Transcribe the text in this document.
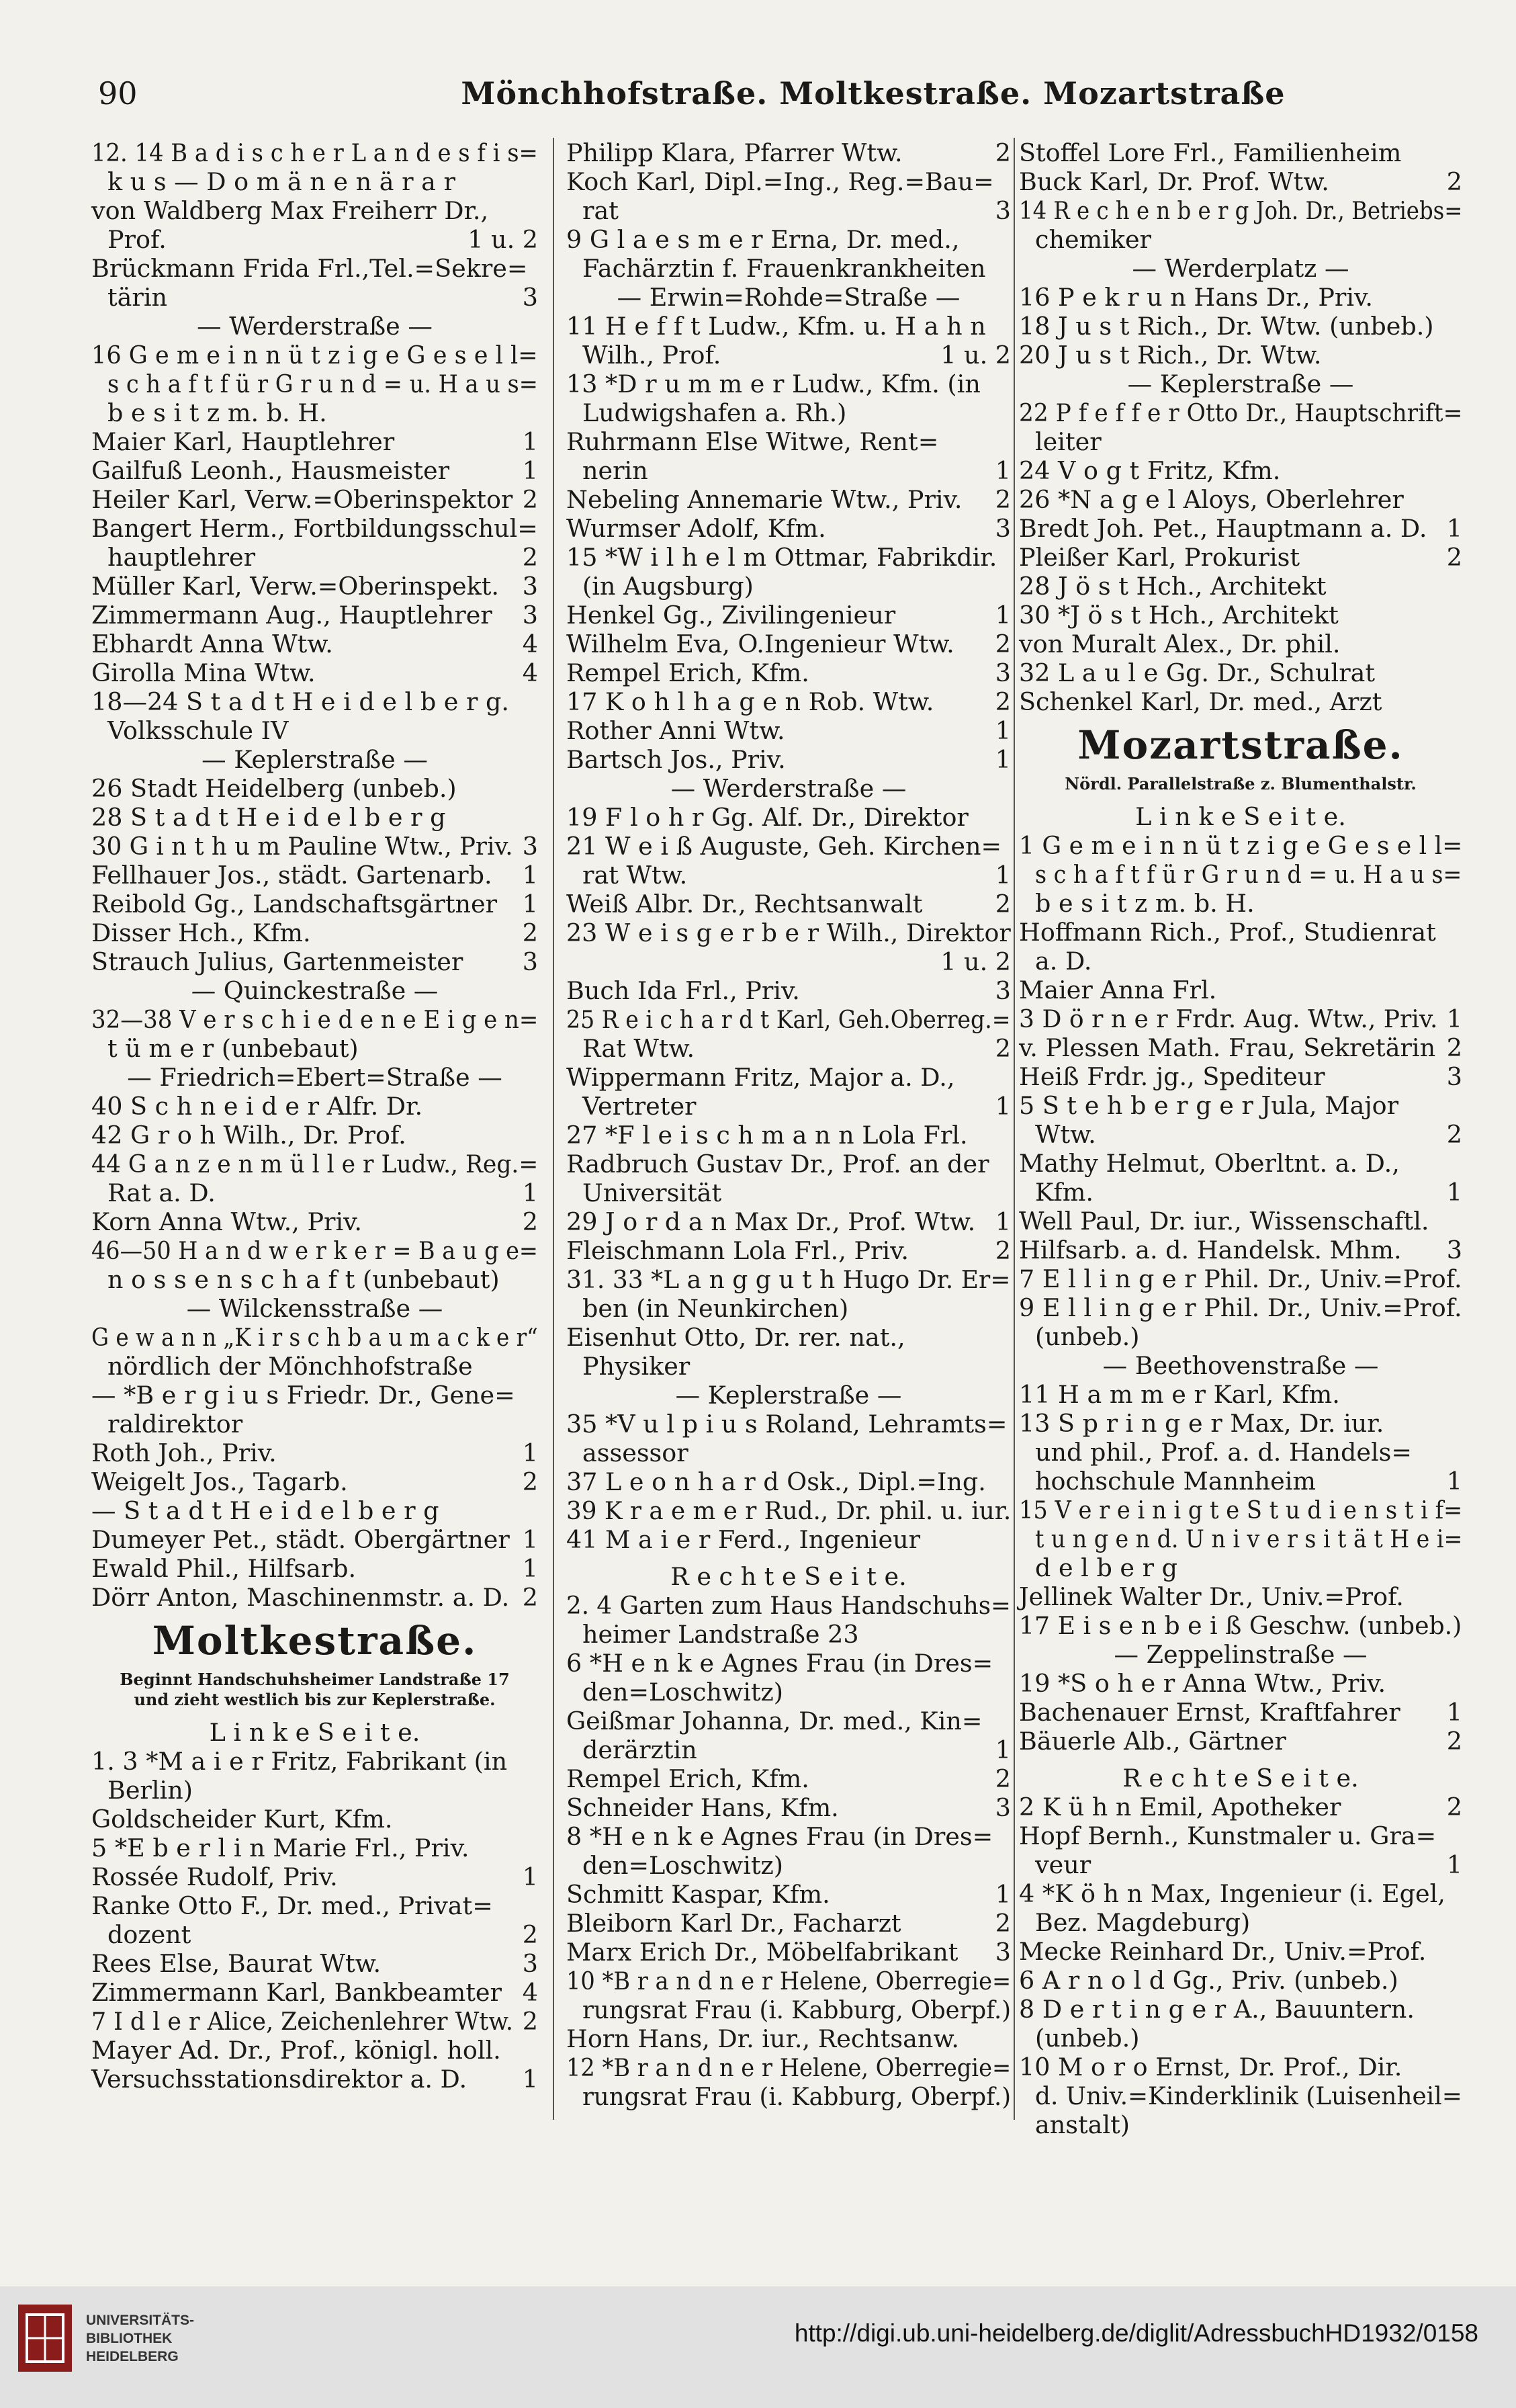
90	Mönchhofstraße. Moltkestraße. Mozartstraße
12. 14 B a d i s c h e r L a n d e s f i s=
k u s — D o m ä n e n ä r a r
von Waldberg Max Freiherr Dr.,
Prof.	1 u. 2
Brückmann Frida Frl.,Tel.=Sekre=
tärin	3
— Werderstraße —
16 G e m e i n n ü t z i g e G e s e l l=
s c h a f t f ü r G r u n d = u. H a u s=
b e s i t z m. b. H.
Maier Karl, Hauptlehrer	1
Gailfuß Leonh., Hausmeister	1
Heiler Karl, Verw.=Oberinspektor 2
Bangert Herm., Fortbildungsschul=
hauptlehrer	2
Müller Karl, Verw.=Oberinspekt. 3
Zimmermann Aug., Hauptlehrer 3
Ebhardt Anna Wtw.	4
Girolla Mina Wtw.	4
18—24 S t a d t H e i d e l b e r g.
Volksschule IV
— Keplerstraße —
26 Stadt Heidelberg (unbeb.)
28 S t a d t H e i d e l b e r g
30 G i n t h u m Pauline Wtw., Priv. 3
Fellhauer Jos., städt. Gartenarb. 1
Reibold Gg., Landschaftsgärtner 1
Disser Hch., Kfm.	2
Strauch Julius, Gartenmeister 3
— Quinckestraße —
32—38 V e r s c h i e d e n e E i g e n=
t ü m e r (unbebaut)
— Friedrich=Ebert=Straße —
40 S c h n e i d e r Alfr. Dr.
42 G r o h Wilh., Dr. Prof.
44 G a n z e n m ü l l e r Ludw., Reg.=
Rat a. D.	1
Korn Anna Wtw., Priv.	2
46—50 H a n d w e r k e r = B a u g e=
n o s s e n s c h a f t (unbebaut)
— Wilckensstraße —
G e w a n n „K i r s c h b a u m a c k e r“
nördlich der Mönchhofstraße
— *B e r g i u s Friedr. Dr., Gene=
raldirektor
Roth Joh., Priv.	1
Weigelt Jos., Tagarb.	2
— S t a d t H e i d e l b e r g
Dumeyer Pet., städt. Obergärtner 1
Ewald Phil., Hilfsarb.	1
Dörr Anton, Maschinenmstr. a. D. 2
Moltkestraße.
Beginnt Handschuhsheimer Landstraße 17
und zieht westlich bis zur Keplerstraße.
L i n k e S e i t e.
1. 3 *M a i e r Fritz, Fabrikant (in
Berlin)
Goldscheider Kurt, Kfm.
5 *E b e r l i n Marie Frl., Priv.
Rossée Rudolf, Priv.	1
Ranke Otto F., Dr. med., Privat=
dozent	2
Rees Else, Baurat Wtw.	3
Zimmermann Karl, Bankbeamter 4
7 I d l e r Alice, Zeichenlehrer Wtw. 2
Mayer Ad. Dr., Prof., königl. holl.
Versuchsstationsdirektor a. D. 1
Philipp Klara, Pfarrer Wtw.	2
Koch Karl, Dipl.=Ing., Reg.=Bau=
rat	3
9 G l a e s m e r Erna, Dr. med.,
Fachärztin f. Frauenkrankheiten
— Erwin=Rohde=Straße —
11 H e f f t Ludw., Kfm. u. H a h n
Wilh., Prof.	1 u. 2
13 *D r u m m e r Ludw., Kfm. (in
Ludwigshafen a. Rh.)
Ruhrmann Else Witwe, Rent=
nerin	1
Nebeling Annemarie Wtw., Priv. 2
Wurmser Adolf, Kfm.	3
15 *W i l h e l m Ottmar, Fabrikdir.
(in Augsburg)
Henkel Gg., Zivilingenieur	1
Wilhelm Eva, O.Ingenieur Wtw. 2
Rempel Erich, Kfm.	3
17 K o h l h a g e n Rob. Wtw.	2
Rother Anni Wtw.	1
Bartsch Jos., Priv.	1
— Werderstraße —
19 F l o h r Gg. Alf. Dr., Direktor
21 W e i ß Auguste, Geh. Kirchen=
rat Wtw.	1
Weiß Albr. Dr., Rechtsanwalt	2
23 W e i s g e r b e r Wilh., Direktor
1 u. 2
Buch Ida Frl., Priv.	3
25 R e i c h a r d t Karl, Geh.Oberreg.=
Rat Wtw.	2
Wippermann Fritz, Major a. D.,
Vertreter	1
27 *F l e i s c h m a n n Lola Frl.
Radbruch Gustav Dr., Prof. an der
Universität
29 J o r d a n Max Dr., Prof. Wtw. 1
Fleischmann Lola Frl., Priv.	2
31. 33 *L a n g g u t h Hugo Dr. Er=
ben (in Neunkirchen)
Eisenhut Otto, Dr. rer. nat.,
Physiker
— Keplerstraße —
35 *V u l p i u s Roland, Lehramts=
assessor
37 L e o n h a r d Osk., Dipl.=Ing.
39 K r a e m e r Rud., Dr. phil. u. iur.
41 M a i e r Ferd., Ingenieur
R e c h t e S e i t e.
2. 4 Garten zum Haus Handschuhs=
heimer Landstraße 23
6 *H e n k e Agnes Frau (in Dres=
den=Loschwitz)
Geißmar Johanna, Dr. med., Kin=
derärztin	1
Rempel Erich, Kfm.	2
Schneider Hans, Kfm.	3
8 *H e n k e Agnes Frau (in Dres=
den=Loschwitz)
Schmitt Kaspar, Kfm.	1
Bleiborn Karl Dr., Facharzt	2
Marx Erich Dr., Möbelfabrikant 3
10 *B r a n d n e r Helene, Oberregie=
rungsrat Frau (i. Kabburg, Oberpf.)
Horn Hans, Dr. iur., Rechtsanw.
12 *B r a n d n e r Helene, Oberregie=
rungsrat Frau (i. Kabburg, Oberpf.)
Stoffel Lore Frl., Familienheim
Buck Karl, Dr. Prof. Wtw.	2
14 R e c h e n b e r g Joh. Dr., Betriebs=
chemiker
— Werderplatz —
16 P e k r u n Hans Dr., Priv.
18 J u s t Rich., Dr. Wtw. (unbeb.)
20 J u s t Rich., Dr. Wtw.
— Keplerstraße —
22 P f e f f e r Otto Dr., Hauptschrift=
leiter
24 V o g t Fritz, Kfm.
26 *N a g e l Aloys, Oberlehrer
Bredt Joh. Pet., Hauptmann a. D. 1
Pleißer Karl, Prokurist	2
28 J ö s t Hch., Architekt
30 *J ö s t Hch., Architekt
von Muralt Alex., Dr. phil.
32 L a u l e Gg. Dr., Schulrat
Schenkel Karl, Dr. med., Arzt
Mozartstraße.
Nördl. Parallelstraße z. Blumenthalstr.
L i n k e S e i t e.
1 G e m e i n n ü t z i g e G e s e l l=
s c h a f t f ü r G r u n d = u. H a u s=
b e s i t z m. b. H.
Hoffmann Rich., Prof., Studienrat
a. D.
Maier Anna Frl.
3 D ö r n e r Frdr. Aug. Wtw., Priv. 1
v. Plessen Math. Frau, Sekretärin 2
Heiß Frdr. jg., Spediteur	3
5 S t e h b e r g e r Jula, Major
Wtw.	2
Mathy Helmut, Oberltnt. a. D.,
Kfm.	1
Well Paul, Dr. iur., Wissenschaftl.
Hilfsarb. a. d. Handelsk. Mhm. 3
7 E l l i n g e r Phil. Dr., Univ.=Prof.
9 E l l i n g e r Phil. Dr., Univ.=Prof.
(unbeb.)
— Beethovenstraße —
11 H a m m e r Karl, Kfm.
13 S p r i n g e r Max, Dr. iur.
und phil., Prof. a. d. Handels=
hochschule Mannheim	1
15 V e r e i n i g t e S t u d i e n s t i f=
t u n g e n d. U n i v e r s i t ä t H e i=
d e l b e r g
Jellinek Walter Dr., Univ.=Prof.
17 E i s e n b e i ß Geschw. (unbeb.)
— Zeppelinstraße —
19 *S o h e r Anna Wtw., Priv.
Bachenauer Ernst, Kraftfahrer 1
Bäuerle Alb., Gärtner	2
R e c h t e S e i t e.
2 K ü h n Emil, Apotheker	2
Hopf Bernh., Kunstmaler u. Gra=
veur	1
4 *K ö h n Max, Ingenieur (i. Egel,
Bez. Magdeburg)
Mecke Reinhard Dr., Univ.=Prof.
6 A r n o l d Gg., Priv. (unbeb.)
8 D e r t i n g e r A., Bauuntern.
(unbeb.)
10 M o r o Ernst, Dr. Prof., Dir.
d. Univ.=Kinderklinik (Luisenheil=
anstalt)
UNIVERSITÄTS-
BIBLIOTHEK
HEIDELBERG
http://digi.ub.uni-heidelberg.de/diglit/AdressbuchHD1932/0158
